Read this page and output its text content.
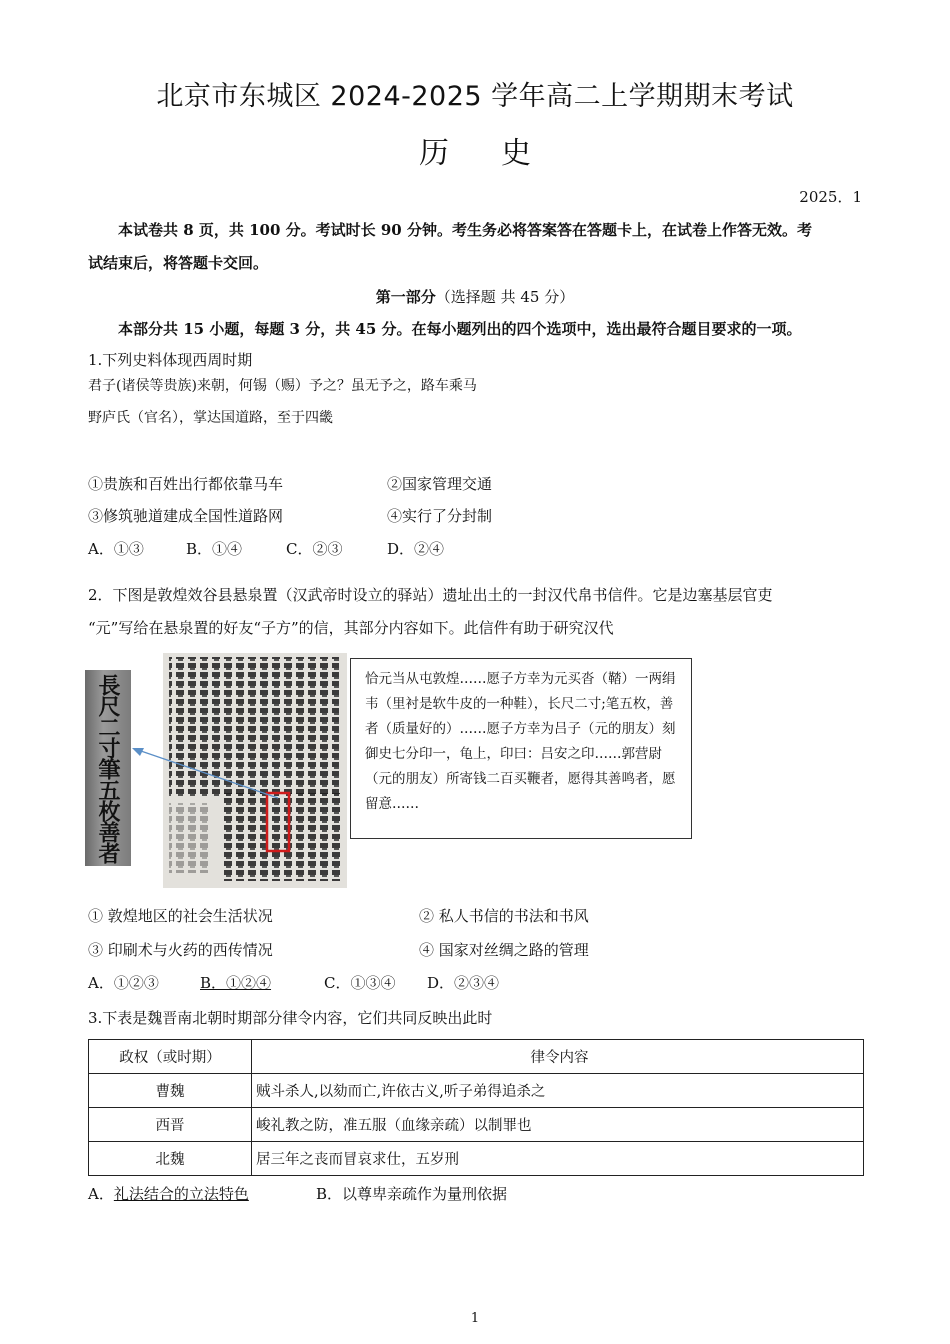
北京市东城区 2024-2025 学年高二上学期期末考试
历史
2025．1
本试卷共 8 页，共 100 分。考试时长 90 分钟。考生务必将答案答在答题卡上，在试卷上作答无效。考
试结束后，将答题卡交回。
第一部分（选择题 共 45 分）
本部分共 15 小题，每题 3 分，共 45 分。在每小题列出的四个选项中，选出最符合题目要求的一项。
1.下列史料体现西周时期
君子(诸侯等贵族)来朝，何锡（赐）予之？虽无予之，路车乘马
野庐氏（官名），掌达国道路，至于四畿
①贵族和百姓出行都依靠马车	②国家管理交通
③修筑驰道建成全国性道路网	④实行了分封制
A．①③	B．①④	C．②③	D．②④
2．下图是敦煌效谷县悬泉置（汉武帝时设立的驿站）遗址出土的一封汉代帛书信件。它是边塞基层官吏
“元”写给在悬泉置的好友“子方”的信，其部分内容如下。此信件有助于研究汉代
長尺二寸筆五枚善者	恰元当从屯敦煌……愿子方幸为元买沓（鞜）一两绢韦（里衬是软牛皮的一种鞋），长尺二寸;笔五枚，善者（质量好的）……愿子方幸为吕子（元的朋友）刻御史七分印一，龟上，印曰：吕安之印……郭营尉（元的朋友）所寄钱二百买鞭者，愿得其善鸣者，愿留意……
① 敦煌地区的社会生活状况	② 私人书信的书法和书风
③ 印刷术与火药的西传情况	④ 国家对丝绸之路的管理
A．①②③	B．①②④	C．①③④ D．②③④
3.下表是魏晋南北朝时期部分律令内容，它们共同反映出此时
政权（或时期）	律令内容
曹魏	贼斗杀人,以劾而亡,许依古义,听子弟得追杀之
西晋	峻礼教之防，准五服（血缘亲疏）以制罪也
北魏	居三年之丧而冒哀求仕，五岁刑
A．礼法结合的立法特色	B．以尊卑亲疏作为量刑依据
1
